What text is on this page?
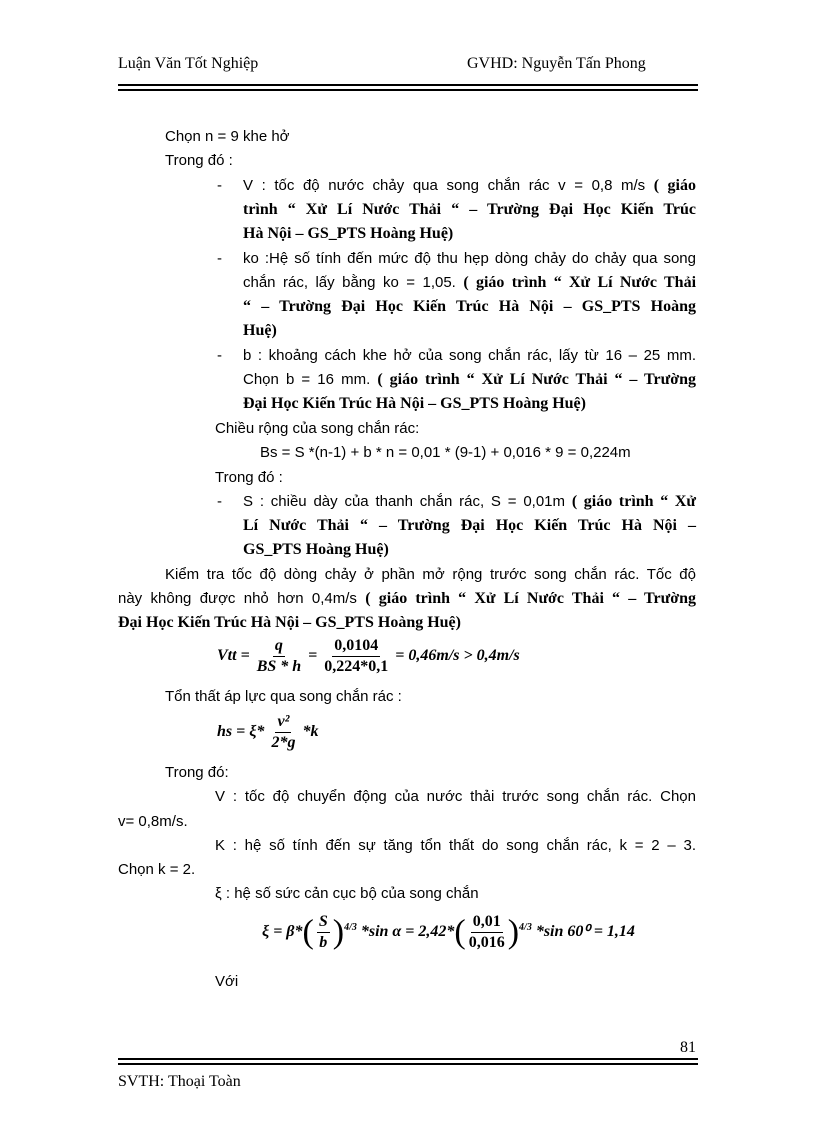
Luận Văn Tốt Nghiệp	GVHD: Nguyễn Tấn Phong
Chọn n = 9 khe hở
Trong đó :
- V : tốc độ nước chảy qua song chắn rác v = 0,8 m/s ( giáo
trình “ Xử Lí Nước Thải “ – Trường Đại Học Kiến Trúc
Hà Nội – GS_PTS Hoàng Huệ)
- ko :Hệ số tính đến mức độ thu hẹp dòng chảy do chảy qua song
chắn rác, lấy bằng ko = 1,05. ( giáo trình “ Xử Lí Nước Thải
“ – Trường Đại Học Kiến Trúc Hà Nội – GS_PTS Hoàng
Huệ)
- b : khoảng cách khe hở của song chắn rác, lấy từ 16 – 25 mm.
Chọn b = 16 mm. ( giáo trình “ Xử Lí Nước Thải “ – Trường
Đại Học Kiến Trúc Hà Nội – GS_PTS Hoàng Huệ)
Chiều rộng của song chắn rác:
Bs = S *(n-1) + b * n = 0,01 * (9-1) + 0,016 * 9 = 0,224m
Trong đó :
- S : chiều dày của thanh chắn rác, S = 0,01m ( giáo trình “ Xử
Lí Nước Thải “ – Trường Đại Học Kiến Trúc Hà Nội –
GS_PTS Hoàng Huệ)
Kiểm tra tốc độ dòng chảy ở phần mở rộng trước song chắn rác. Tốc độ
này không được nhỏ hơn 0,4m/s ( giáo trình “ Xử Lí Nước Thải “ – Trường
Đại Học Kiến Trúc Hà Nội – GS_PTS Hoàng Huệ)
Vtt = $\frac{q}{BS * h} = \frac{0,0104}{0,224*0,1} = 0,46m/s > 0,4m/s$
Tổn thất áp lực qua song chắn rác :
hs = $\xi* \frac{\text{v²}}{2*g} *k$
Trong đó:
V : tốc độ chuyển động của nước thải trước song chắn rác. Chọn
v= 0,8m/s.
K : hệ số tính đến sự tăng tổn thất do song chắn rác, k = 2 – 3.
Chọn k = 2.
ξ : hệ số sức cản cục bộ của song chắn
$\xi = \beta*( \frac{S}{b} )^{4/3}$ *sin $\alpha = 2,42*( \frac{0,01}{0,016} )^{4/3}$ *sin 60⁰ = 1,14
Với
81
SVTH: Thoại Toàn
